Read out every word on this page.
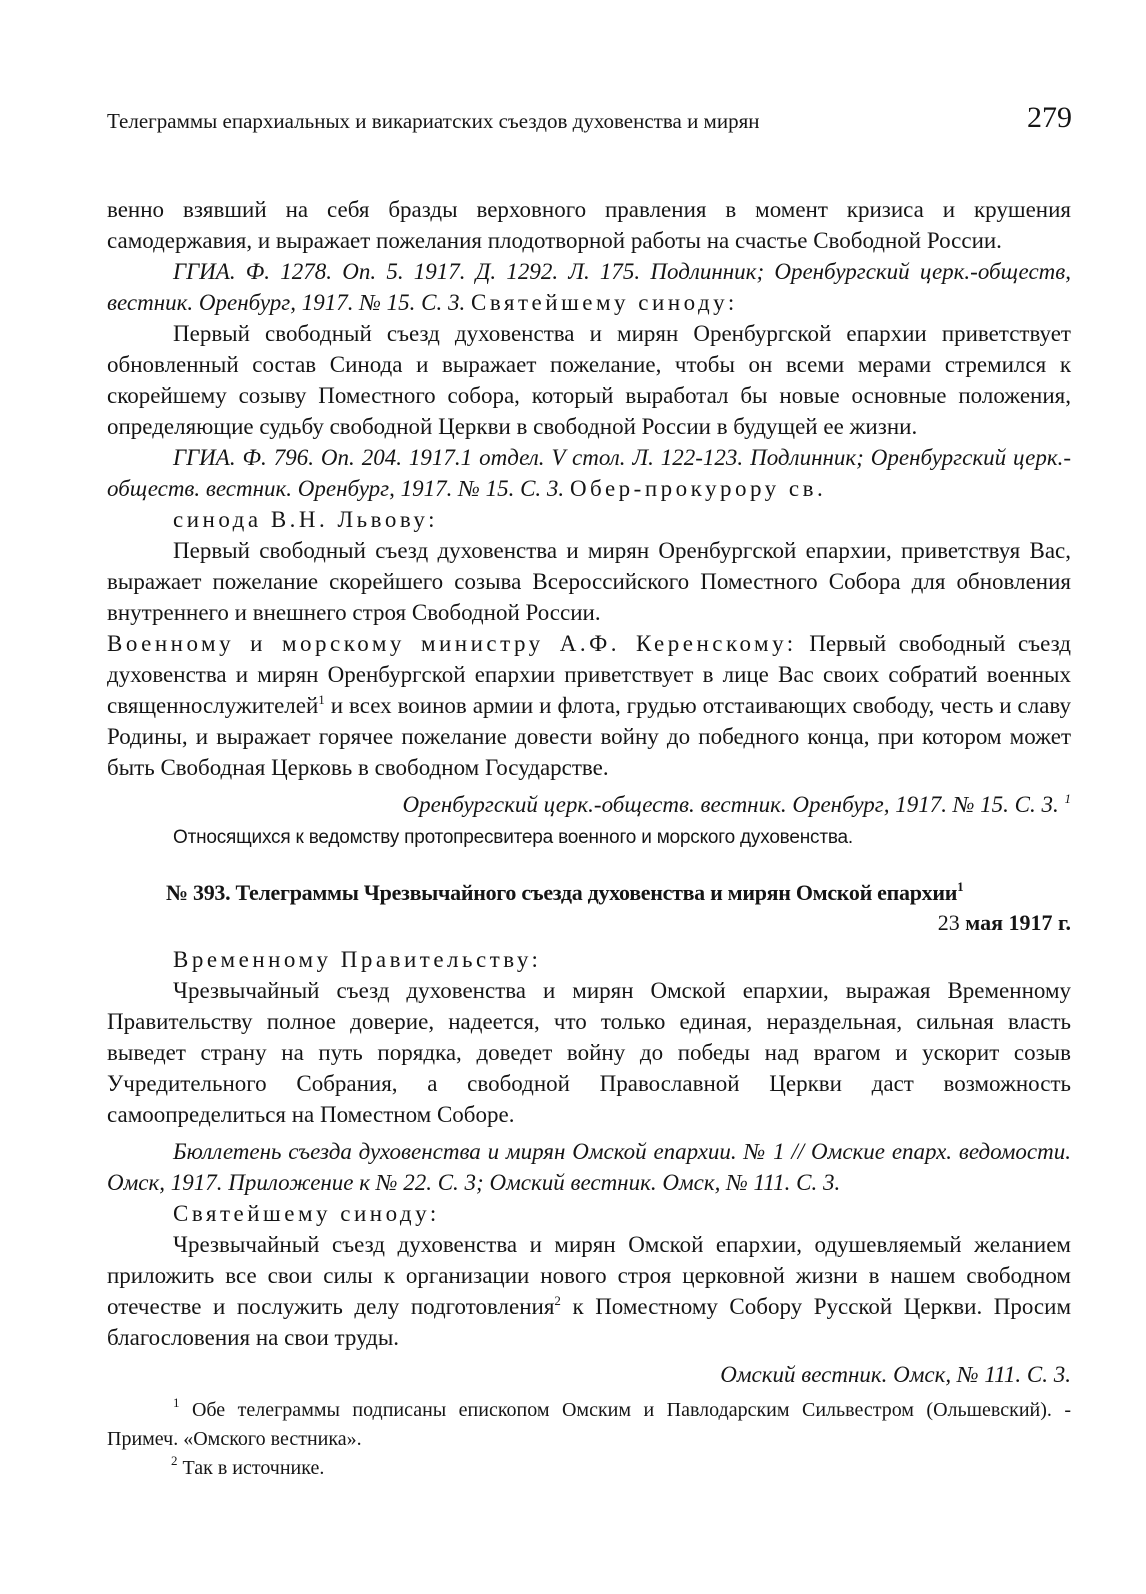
Телеграммы епархиальных и викариатских съездов духовенства и мирян	279

венно взявший на себя бразды верховного правления в момент кризиса и крушения самодержавия, и выражает пожелания плодотворной работы на счастье Свободной России.

ГГИА. Ф. 1278. Оп. 5. 1917. Д. 1292. Л. 175. Подлинник; Оренбургский церк.-обществ, вестник. Оренбург, 1917. № 15. С. 3. Святейшему синоду:

Первый свободный съезд духовенства и мирян Оренбургской епархии приветствует обновленный состав Синода и выражает пожелание, чтобы он всеми мерами стремился к скорейшему созыву Поместного собора, который выработал бы новые основные положения, определяющие судьбу свободной Церкви в свободной России в будущей ее жизни.

ГГИА. Ф. 796. Оп. 204. 1917.1 отдел. V стол. Л. 122-123. Подлинник; Оренбургский церк.-обществ. вестник. Оренбург, 1917. № 15. С. 3. Обер-прокурору св.

синода В.Н. Львову:

Первый свободный съезд духовенства и мирян Оренбургской епархии, приветствуя Вас, выражает пожелание скорейшего созыва Всероссийского Поместного Собора для обновления внутреннего и внешнего строя Свободной России.

Военному и морскому министру А.Ф. Керенскому: Первый свободный съезд духовенства и мирян Оренбургской епархии приветствует в лице Вас своих собратий военных священнослужителей$^1$ и всех воинов армии и флота, грудью отстаивающих свободу, честь и славу Родины, и выражает горячее пожелание довести войну до победного конца, при котором может быть Свободная Церковь в свободном Государстве.

Оренбургский церк.-обществ. вестник. Оренбург, 1917. № 15. С. 3. $^1$

Относящихся к ведомству протопресвитера военного и морского духовенства.

№ 393. Телеграммы Чрезвычайного съезда духовенства и мирян Омской епархии$^1$

23 мая 1917 г.

Временному Правительству:

Чрезвычайный съезд духовенства и мирян Омской епархии, выражая Временному Правительству полное доверие, надеется, что только единая, нераздельная, сильная власть выведет страну на путь порядка, доведет войну до победы над врагом и ускорит созыв Учредительного Собрания, а свободной Православной Церкви даст возможность самоопределиться на Поместном Соборе.

Бюллетень съезда духовенства и мирян Омской епархии. № 1 // Омские епарх. ведомости. Омск, 1917. Приложение к № 22. С. 3; Омский вестник. Омск, № 111. С. 3.

Святейшему синоду:

Чрезвычайный съезд духовенства и мирян Омской епархии, одушевляемый желанием приложить все свои силы к организации нового строя церковной жизни в нашем свободном отечестве и послужить делу подготовления$^2$ к Поместному Собору Русской Церкви. Просим благословения на свои труды.

Омский вестник. Омск, № 111. С. 3.

$^1$ Обе телеграммы подписаны епископом Омским и Павлодарским Сильвестром (Ольшевский). - Примеч. «Омского вестника».

$^2$ Так в источнике.
